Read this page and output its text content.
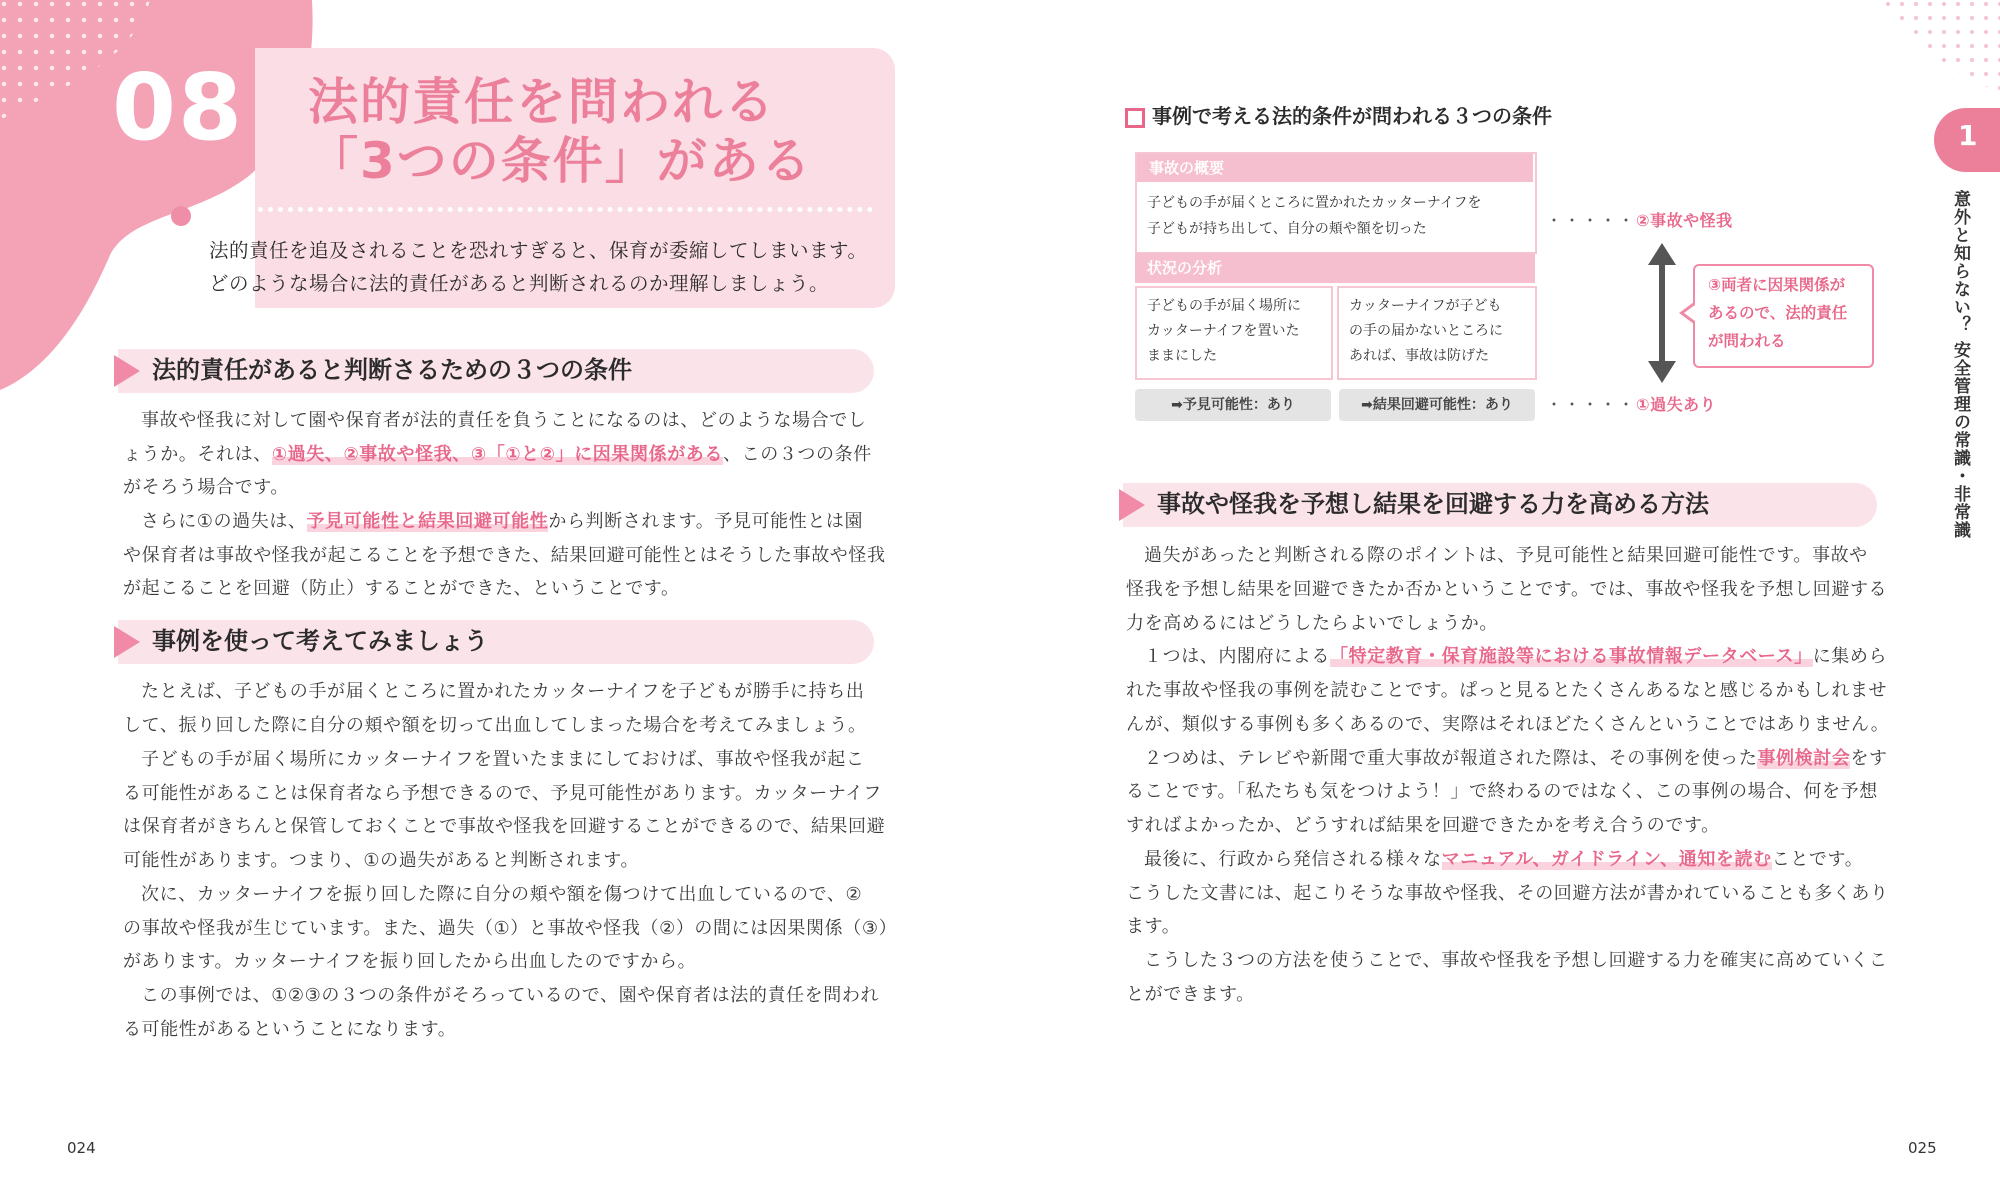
08 法的責任を問われる
「3つの条件」がある
法的責任を追及されることを恐れすぎると、保育が委縮してしまいます。
どのような場合に法的責任があると判断されるのか理解しましょう。
法的責任があると判断さるための３つの条件
事故や怪我に対して園や保育者が法的責任を負うことになるのは、どのような場合でし
ょうか。それは、①過失、②事故や怪我、③「①と②」に因果関係がある、この３つの条件
がそろう場合です。
さらに①の過失は、予見可能性と結果回避可能性から判断されます。予見可能性とは園
や保育者は事故や怪我が起こることを予想できた、結果回避可能性とはそうした事故や怪我
が起こることを回避（防止）することができた、ということです。
事例を使って考えてみましょう
たとえば、子どもの手が届くところに置かれたカッターナイフを子どもが勝手に持ち出
して、振り回した際に自分の頬や額を切って出血してしまった場合を考えてみましょう。
子どもの手が届く場所にカッターナイフを置いたままにしておけば、事故や怪我が起こ
る可能性があることは保育者なら予想できるので、予見可能性があります。カッターナイフ
は保育者がきちんと保管しておくことで事故や怪我を回避することができるので、結果回避
可能性があります。つまり、①の過失があると判断されます。
次に、カッターナイフを振り回した際に自分の頬や額を傷つけて出血しているので、②
の事故や怪我が生じています。また、過失（①）と事故や怪我（②）の間には因果関係（③）
があります。カッターナイフを振り回したから出血したのですから。
この事例では、①②③の３つの条件がそろっているので、園や保育者は法的責任を問われ
る可能性があるということになります。
024
事例で考える法的条件が問われる３つの条件
事故の概要
子どもの手が届くところに置かれたカッターナイフを
子どもが持ち出して、自分の頬や額を切った
状況の分析
子どもの手が届く場所に
カッターナイフを置いた
ままにした
カッターナイフが子ども
の手の届かないところに
あれば、事故は防げた
➡予見可能性：あり	➡結果回避可能性：あり
・・・・・②事故や怪我
・・・・・①過失あり
③両者に因果関係が
あるので、法的責任
が問われる
事故や怪我を予想し結果を回避する力を高める方法
過失があったと判断される際のポイントは、予見可能性と結果回避可能性です。事故や
怪我を予想し結果を回避できたか否かということです。では、事故や怪我を予想し回避する
力を高めるにはどうしたらよいでしょうか。
１つは、内閣府による「特定教育・保育施設等における事故情報データベース」に集めら
れた事故や怪我の事例を読むことです。ぱっと見るとたくさんあるなと感じるかもしれませ
んが、類似する事例も多くあるので、実際はそれほどたくさんということではありません。
２つめは、テレビや新聞で重大事故が報道された際は、その事例を使った事例検討会をす
ることです。「私たちも気をつけよう！」で終わるのではなく、この事例の場合、何を予想
すればよかったか、どうすれば結果を回避できたかを考え合うのです。
最後に、行政から発信される様々なマニュアル、ガイドライン、通知を読むことです。
こうした文書には、起こりそうな事故や怪我、その回避方法が書かれていることも多くあり
ます。
こうした３つの方法を使うことで、事故や怪我を予想し回避する力を確実に高めていくこ
とができます。
1
意外と知らない？ 安全管理の常識・非常識
025
